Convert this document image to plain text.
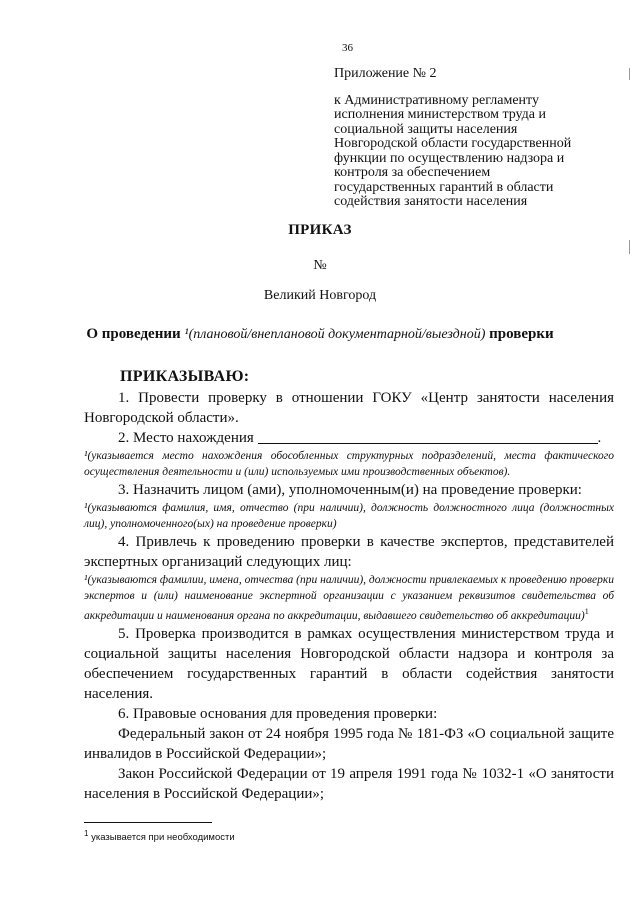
36
Приложение № 2
к Административному регламенту
исполнения министерством труда и
социальной защиты населения
Новгородской области государственной
функции по осуществлению надзора и
контроля за обеспечением
государственных гарантий в области
содействия занятости населения
ПРИКАЗ
№
Великий Новгород
О проведении ¹(плановой/внеплановой документарной/выездной) проверки
ПРИКАЗЫВАЮ:

1. Провести проверку в отношении ГОКУ «Центр занятости населения Новгородской области».

2. Место нахождения	.

¹(указывается место нахождения обособленных структурных подразделений, места фактического осуществления деятельности и (или) используемых ими производственных объектов).

3. Назначить лицом (ами), уполномоченным(и) на проведение проверки:

¹(указываются фамилия, имя, отчество (при наличии), должность должностного лица (должностных лиц), уполномоченного(ых) на проведение проверки)

4. Привлечь к проведению проверки в качестве экспертов, представителей экспертных организаций следующих лиц:

¹(указываются фамилии, имена, отчества (при наличии), должности привлекаемых к проведению проверки экспертов и (или) наименование экспертной организации с указанием реквизитов свидетельства об аккредитации и наименования органа по аккредитации, выдавшего свидетельство об аккредитации)$^1$

5. Проверка производится в рамках осуществления министерством труда и социальной защиты населения Новгородской области надзора и контроля за обеспечением государственных гарантий в области содействия занятости населения.

6. Правовые основания для проведения проверки:

Федеральный закон от 24 ноября 1995 года № 181-ФЗ «О социальной защите инвалидов в Российской Федерации»;

Закон Российской Федерации от 19 апреля 1991 года № 1032-1 «О занятости населения в Российской Федерации»;

$^1$ указывается при необходимости
